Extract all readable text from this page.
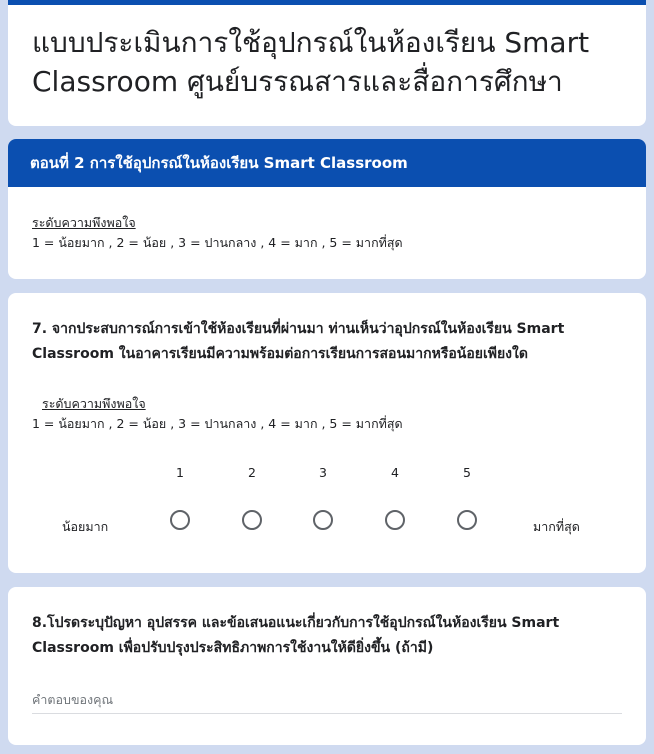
แบบประเมินการใช้อุปกรณ์ในห้องเรียน Smart Classroom ศูนย์บรรณสารและสื่อการศึกษา
ตอนที่ 2 การใช้อุปกรณ์ในห้องเรียน Smart Classroom
ระดับความพึงพอใจ
1 = น้อยมาก , 2 = น้อย , 3 = ปานกลาง , 4 = มาก , 5 = มากที่สุด

7. จากประสบการณ์การเข้าใช้ห้องเรียนที่ผ่านมา ท่านเห็นว่าอุปกรณ์ในห้องเรียน Smart Classroom ในอาคารเรียนมีความพร้อมต่อการเรียนการสอนมากหรือน้อยเพียงใด

ระดับความพึงพอใจ
1 = น้อยมาก , 2 = น้อย , 3 = ปานกลาง , 4 = มาก , 5 = มากที่สุด
1	2	3	4	5
น้อยมาก	มากที่สุด

8.โปรดระบุปัญหา อุปสรรค และข้อเสนอแนะเกี่ยวกับการใช้อุปกรณ์ในห้องเรียน Smart Classroom เพื่อปรับปรุงประสิทธิภาพการใช้งานให้ดียิ่งขึ้น (ถ้ามี)

คำตอบของคุณ
